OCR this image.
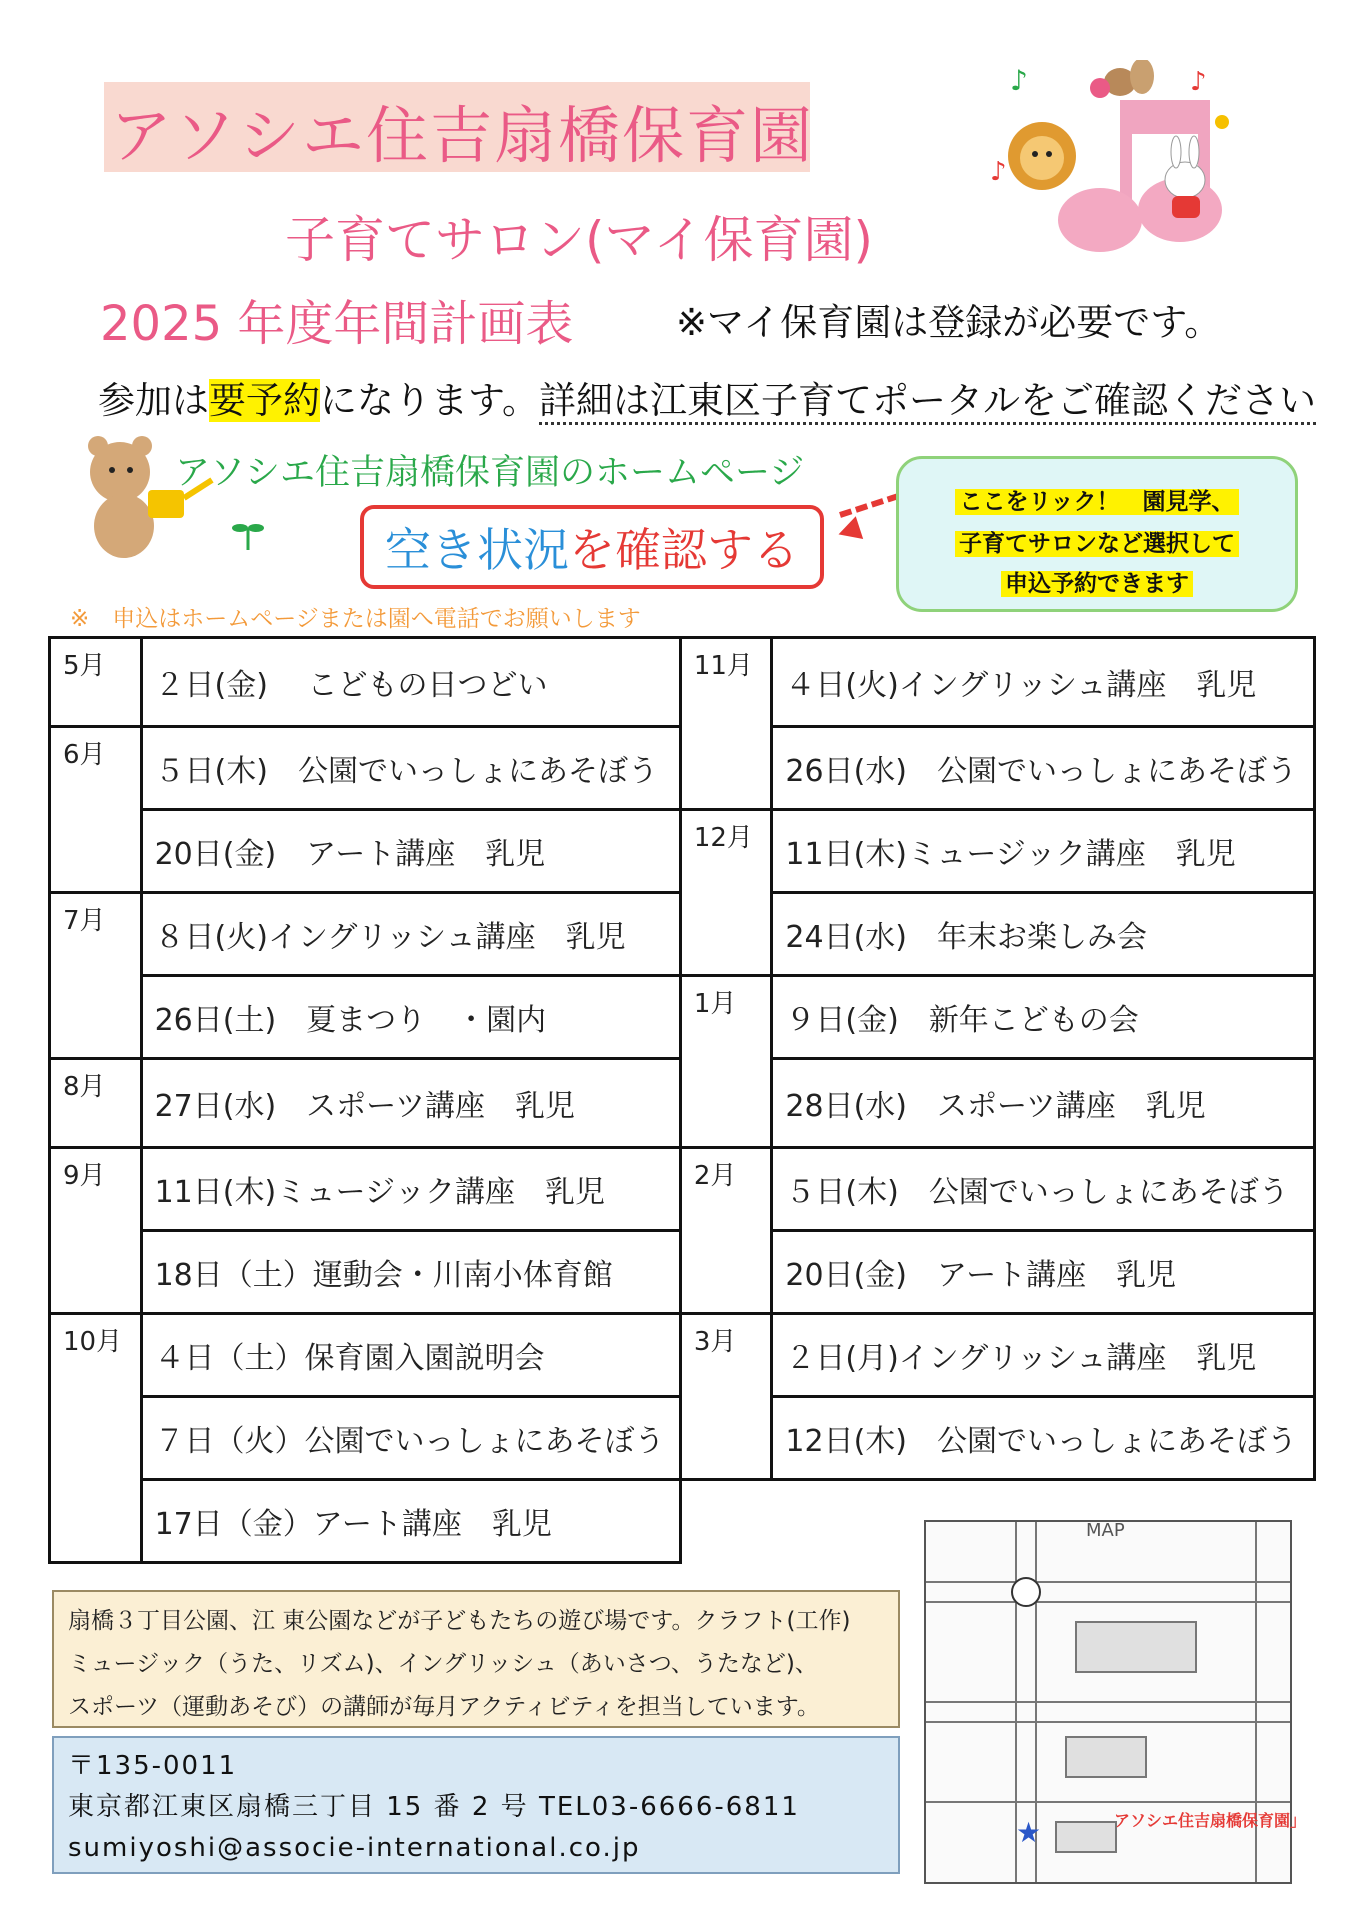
アソシエ住吉扇橋保育園
子育てサロン(マイ保育園)
2025 年度年間計画表	※マイ保育園は登録が必要です。
参加は要予約になります。詳細は江東区子育てポータルをご確認ください
♪	♪
♪
アソシエ住吉扇橋保育園のホームページ
空き状況 を確認する
ここをリック！　園見学、
子育てサロンなど選択して
申込予約できます
※　申込はホームページまたは園へ電話でお願いします
5月	２日(金)　 こどもの日つどい	11月	４日(火)イングリッシュ講座　乳児
6月	５日(木)　公園でいっしょにあそぼう		26日(水)　公園でいっしょにあそぼう
	20日(金)　アート講座　乳児	12月	11日(木)ミュージック講座　乳児
7月	８日(火)イングリッシュ講座　乳児		24日(水)　年末お楽しみ会
	26日(土)　夏まつり　・園内	1月	９日(金)　新年こどもの会
8月	27日(水)　スポーツ講座　乳児		28日(水)　スポーツ講座　乳児
9月	11日(木)ミュージック講座　乳児	2月	５日(木)　公園でいっしょにあそぼう
	18日（土）運動会・川南小体育館		20日(金)　アート講座　乳児
10月	４日（土）保育園入園説明会	3月	２日(月)イングリッシュ講座　乳児
	７日（火）公園でいっしょにあそぼう		12日(木)　公園でいっしょにあそぼう
	17日（金）アート講座　乳児		
扇橋３丁目公園、江 東公園などが子どもたちの遊び場です。クラフト(工作)
ミュージック（うた、リズム)、イングリッシュ（あいさつ、うたなど)、
スポーツ（運動あそび）の講師が毎月アクティビティを担当しています。
〒135-0011
東京都江東区扇橋三丁目 15 番 2 号 TEL03-6666-6811
sumiyoshi@associe-international.co.jp	★
MAP
アソシエ住吉扇橋保育園」
